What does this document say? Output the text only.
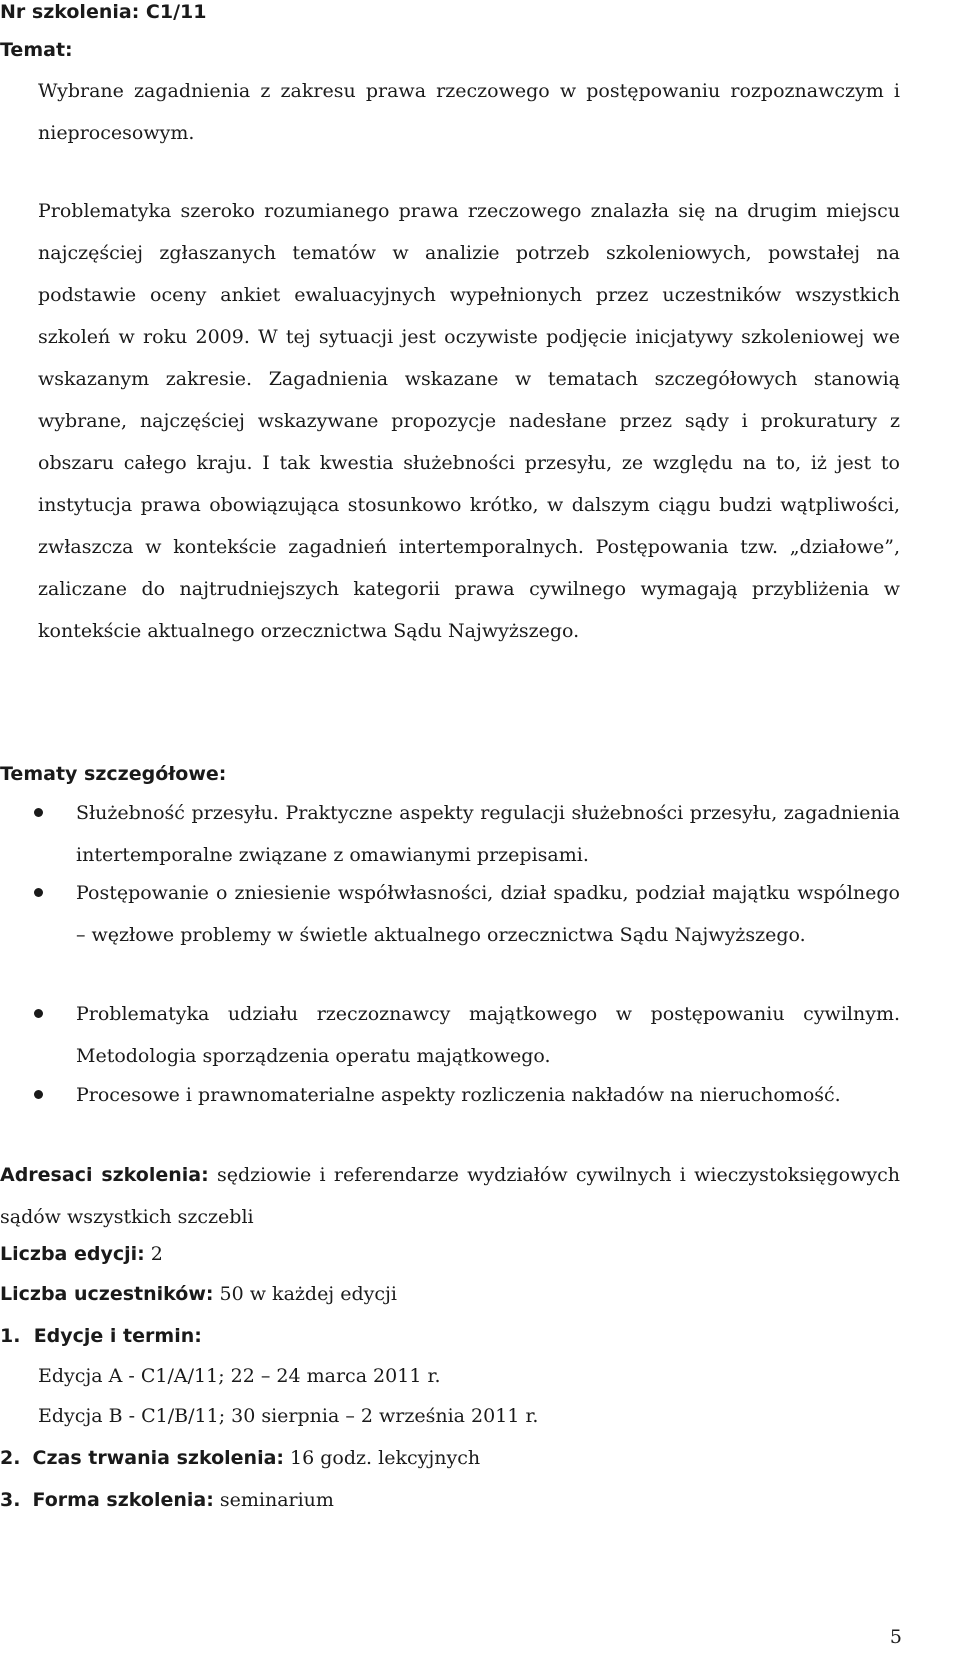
Nr szkolenia: C1/11
Temat:

Wybrane zagadnienia z zakresu prawa rzeczowego w postępowaniu rozpoznawczym i nieprocesowym.

Problematyka szeroko rozumianego prawa rzeczowego znalazła się na drugim miejscu najczęściej zgłaszanych tematów w analizie potrzeb szkoleniowych, powstałej na podstawie oceny ankiet ewaluacyjnych wypełnionych przez uczestników wszystkich szkoleń w roku 2009. W tej sytuacji jest oczywiste podjęcie inicjatywy szkoleniowej we wskazanym zakresie. Zagadnienia wskazane w tematach szczegółowych stanowią wybrane, najczęściej wskazywane propozycje nadesłane przez sądy i prokuratury z obszaru całego kraju. I tak kwestia służebności przesyłu, ze względu na to, iż jest to instytucja prawa obowiązująca stosunkowo krótko, w dalszym ciągu budzi wątpliwości, zwłaszcza w kontekście zagadnień intertemporalnych. Postępowania tzw. „działowe”, zaliczane do najtrudniejszych kategorii prawa cywilnego wymagają przybliżenia w kontekście aktualnego orzecznictwa Sądu Najwyższego.

Tematy szczegółowe:

Służebność przesyłu. Praktyczne aspekty regulacji służebności przesyłu, zagadnienia intertemporalne związane z omawianymi przepisami.

Postępowanie o zniesienie współwłasności, dział spadku, podział majątku wspólnego – węzłowe problemy w świetle aktualnego orzecznictwa Sądu Najwyższego.

Problematyka udziału rzeczoznawcy majątkowego w postępowaniu cywilnym. Metodologia sporządzenia operatu majątkowego.

Procesowe i prawnomaterialne aspekty rozliczenia nakładów na nieruchomość.

Adresaci szkolenia: sędziowie i referendarze wydziałów cywilnych i wieczystoksięgowych sądów wszystkich szczebli

Liczba edycji: 2
Liczba uczestników: 50 w każdej edycji
1. Edycje i termin:
Edycja A - C1/A/11; 22 – 24 marca 2011 r.
Edycja B - C1/B/11; 30 sierpnia – 2 września 2011 r.
2. Czas trwania szkolenia: 16 godz. lekcyjnych
3. Forma szkolenia: seminarium
5
